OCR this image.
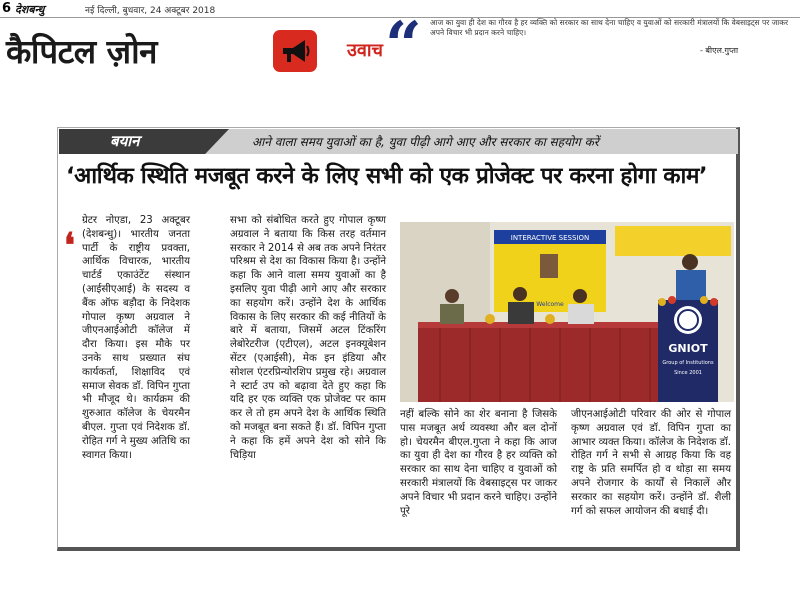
6 देशबन्धु	नई दिल्ली, बुधवार, 24 अक्टूबर 2018
कैपिटल ज़ोन	उवाच “ आज का युवा ही देश का गौरव है हर व्यक्ति को सरकार का साथ देना चाहिए व युवाओं को सरकारी मंत्रालयों कि वेबसाइट्स पर जाकर अपने विचार भी प्रदान करने चाहिए।
- बीएल.गुप्ता
बयान	आने वाला समय युवाओं का है, युवा पीढ़ी आगे आए और सरकार का सहयोग करें
‘आर्थिक स्थिति मजबूत करने के लिए सभी को एक प्रोजेक्ट पर करना होगा काम’
❛
ग्रेटर नोएडा, 23 अक्टूबर (देशबन्धु)। भारतीय जनता पार्टी के राष्ट्रीय प्रवक्ता, आर्थिक विचारक, भारतीय चार्टर्ड एकाउंटेंट संस्थान (आईसीएआई) के सदस्य व बैंक ऑफ बड़ौदा के निदेशक गोपाल कृष्ण अग्रवाल ने जीएनआईओटी कॉलेज में दौरा किया। इस मौके पर उनके साथ प्रख्यात संघ कार्यकर्ता, शिक्षाविद एवं समाज सेवक डॉ. विपिन गुप्ता भी मौजूद थे। कार्यक्रम की शुरुआत कॉलेज के चेयरमैन बीएल. गुप्ता एवं निदेशक डॉ. रोहित गर्ग ने मुख्य अतिथि का स्वागत किया।
सभा को संबोधित करते हुए गोपाल कृष्ण अग्रवाल ने बताया कि किस तरह वर्तमान सरकार ने 2014 से अब तक अपने निरंतर परिश्रम से देश का विकास किया है। उन्होंने कहा कि आने वाला समय युवाओं का है इसलिए युवा पीढ़ी आगे आए और सरकार का सहयोग करें। उन्होंने देश के आर्थिक विकास के लिए सरकार की कई नीतियों के बारे में बताया, जिसमें अटल टिंकरिंग लेबोरेटरीज (एटीएल), अटल इनक्यूबेशन सेंटर (एआईसी), मेक इन इंडिया और सोशल एंटरप्रिन्योरशिप प्रमुख रहे। अग्रवाल ने स्टार्ट उप को बढ़ावा देते हुए कहा कि यदि हर एक व्यक्ति एक प्रोजेक्ट पर काम कर ले तो हम अपने देश के आर्थिक स्थिति को मजबूत बना सकते हैं। डॉ. विपिन गुप्ता ने कहा कि हमें अपने देश को सोने कि चिड़िया
नहीं बल्कि सोने का शेर बनाना है जिसके पास मजबूत अर्थ व्यवस्था और बल दोनों हो। चेयरमैन बीएल.गुप्ता ने कहा कि आज का युवा ही देश का गौरव है हर व्यक्ति को सरकार का साथ देना चाहिए व युवाओं को सरकारी मंत्रालयों कि वेबसाइट्स पर जाकर अपने विचार भी प्रदान करने चाहिए। उन्होंने पूरे
जीएनआईओटी परिवार की ओर से गोपाल कृष्ण अग्रवाल एवं डॉ. विपिन गुप्ता का आभार व्यक्त किया। कॉलेज के निदेशक डॉ. रोहित गर्ग ने सभी से आग्रह किया कि वह राष्ट्र के प्रति समर्पित हो व थोड़ा सा समय अपने रोजगार के कार्यों से निकालें और सरकार का सहयोग करें। उन्होंने डॉ. शैली गर्ग को सफल आयोजन की बधाई दी।
INTERACTIVE SESSION
Welcome
GNIOT
Group of Institutions
Since 2001
